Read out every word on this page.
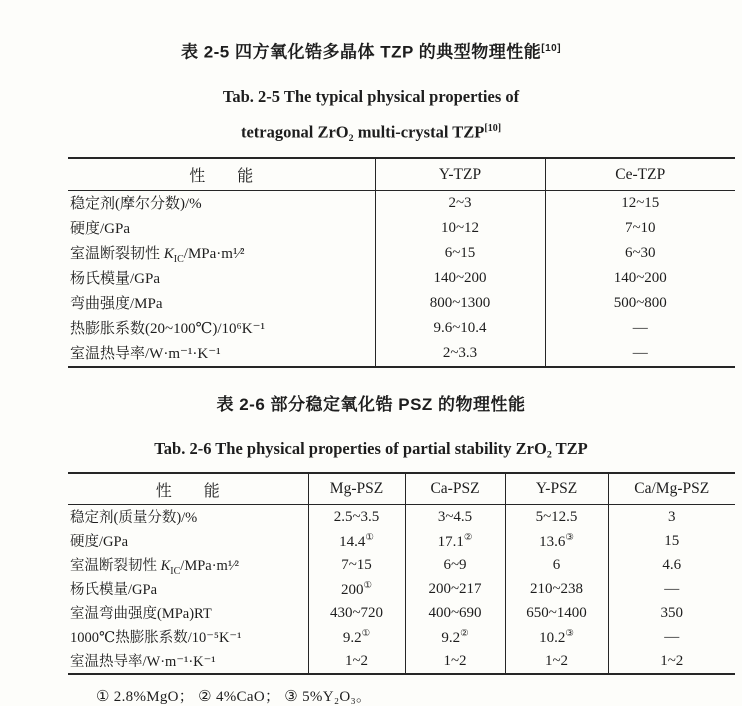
表 2-5 四方氧化锆多晶体 TZP 的典型物理性能[10]
Tab. 2-5 The typical physical properties of
tetragonal ZrO₂ multi-crystal TZP[10]
性　　能	Y-TZP	Ce-TZP
稳定剂(摩尔分数)/%	2~3	12~15
硬度/GPa	10~12	7~10
室温断裂韧性 $K_{IC}/MPa\cdot m^1⁄^2$	6~15	6~30
杨氏模量/GPa	140~200	140~200
弯曲强度/MPa	800~1300	500~800
热膨胀系数(20~100℃)/10⁶K⁻¹	9.6~10.4	—
室温热导率/W·m⁻¹·K⁻¹	2~3.3	—
表 2-6 部分稳定氧化锆 PSZ 的物理性能
Tab. 2-6 The physical properties of partial stability ZrO₂ TZP
性　　能	Mg-PSZ	Ca-PSZ	Y-PSZ	Ca/Mg-PSZ
稳定剂(质量分数)/%	2.5~3.5	3~4.5	5~12.5	3
硬度/GPa	14.4①	17.1②	13.6③	15
室温断裂韧性 $K_{IC}/MPa\cdot m^1⁄^2$	7~15	6~9	6	4.6
杨氏模量/GPa	200①	200~217	210~238	—
室温弯曲强度(MPa)RT	430~720	400~690	650~1400	350
1000℃热膨胀系数/10⁻⁵K⁻¹	9.2①	9.2②	10.2③	—
室温热导率/W·m⁻¹·K⁻¹	1~2	1~2	1~2	1~2
① 2.8%MgO； ② 4%CaO； ③ 5%Y₂O₃。
